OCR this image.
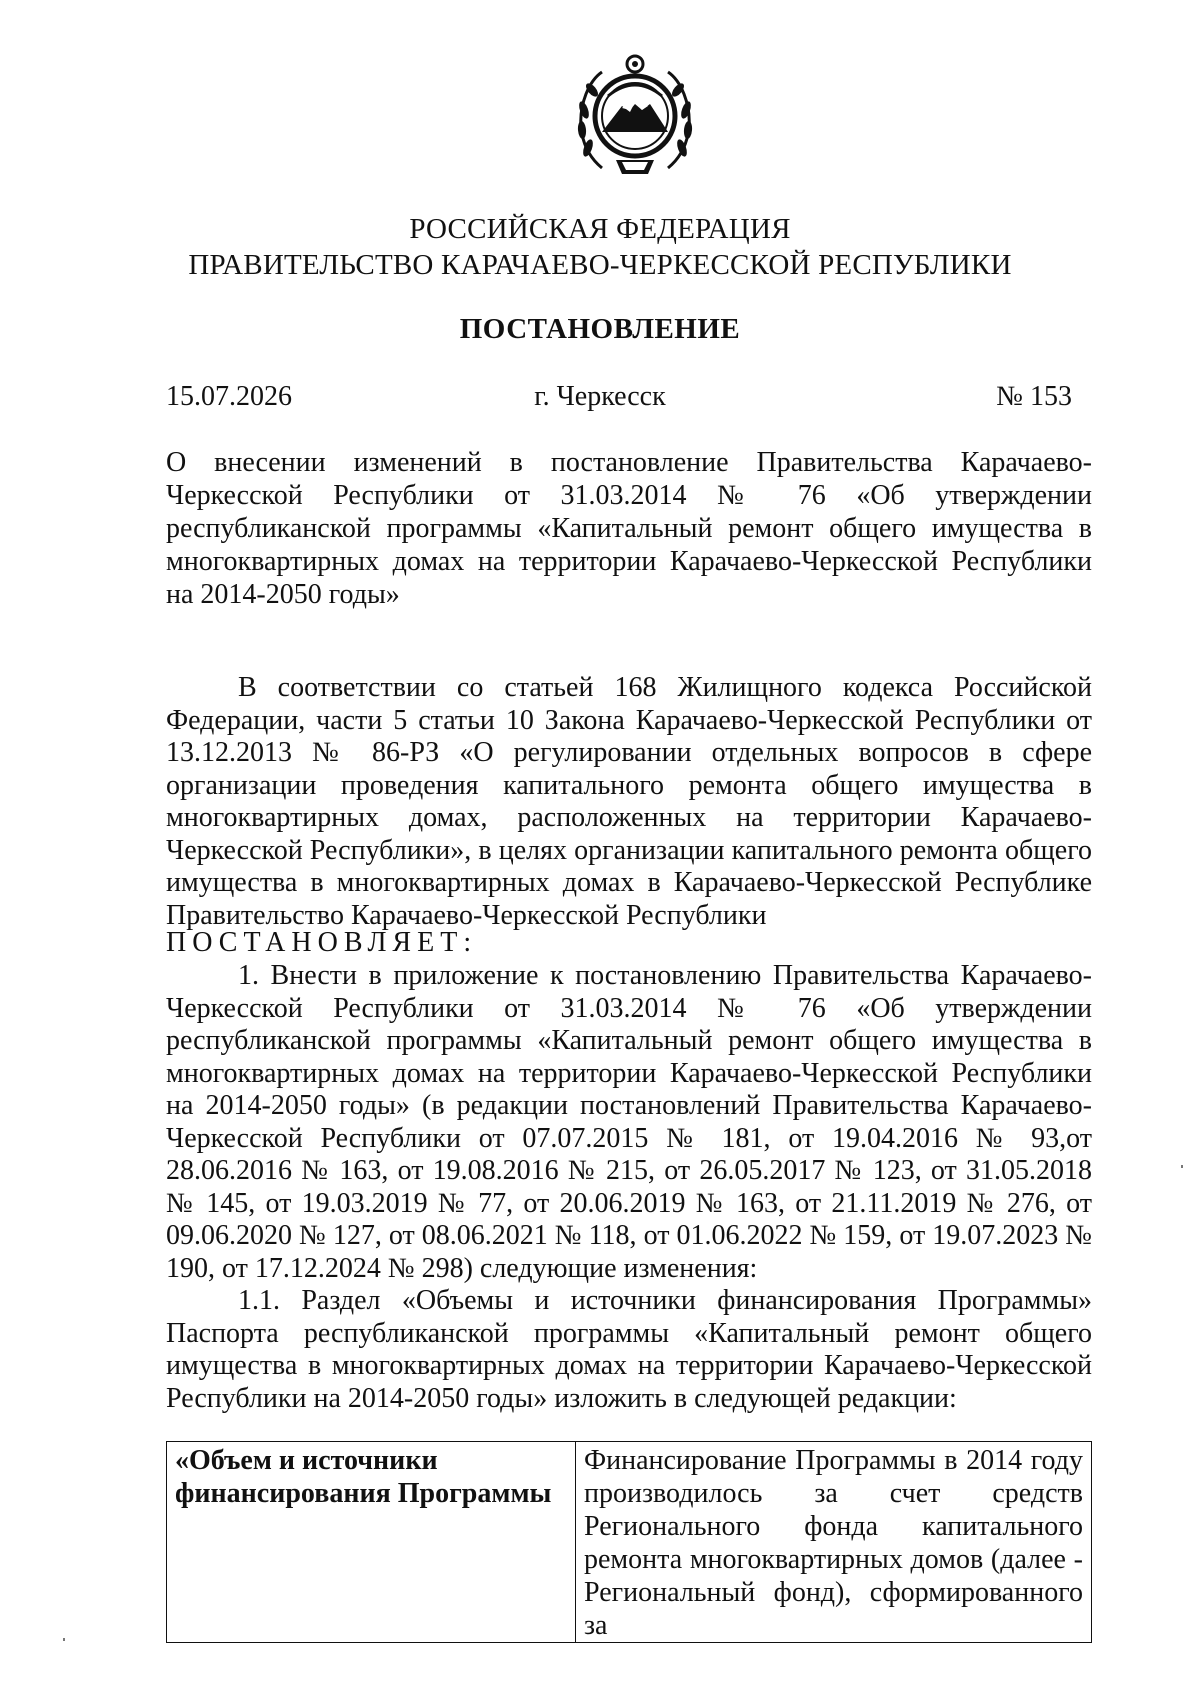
РОССИЙСКАЯ ФЕДЕРАЦИЯ
ПРАВИТЕЛЬСТВО КАРАЧАЕВО-ЧЕРКЕССКОЙ РЕСПУБЛИКИ
ПОСТАНОВЛЕНИЕ
г. Черкесск
15.07.2026	№ 153
О внесении изменений в постановление Правительства Карачаево-Черкесской Республики от 31.03.2014 № 76 «Об утверждении республиканской программы «Капитальный ремонт общего имущества в многоквартирных домах на территории Карачаево-Черкесской Республики на 2014-2050 годы»
В соответствии со статьей 168 Жилищного кодекса Российской Федерации, части 5 статьи 10 Закона Карачаево-Черкесской Республики от 13.12.2013 № 86-РЗ «О регулировании отдельных вопросов в сфере организации проведения капитального ремонта общего имущества в многоквартирных домах, расположенных на территории Карачаево-Черкесской Республики», в целях организации капитального ремонта общего имущества в многоквартирных домах в Карачаево-Черкесской Республике Правительство Карачаево-Черкесской Республики
ПОСТАНОВЛЯЕТ:
1. Внести в приложение к постановлению Правительства Карачаево-Черкесской Республики от 31.03.2014 № 76 «Об утверждении республиканской программы «Капитальный ремонт общего имущества в многоквартирных домах на территории Карачаево-Черкесской Республики на 2014-2050 годы» (в редакции постановлений Правительства Карачаево-Черкесской Республики от 07.07.2015 № 181, от 19.04.2016 № 93,от 28.06.2016 № 163, от 19.08.2016 № 215, от 26.05.2017 № 123, от 31.05.2018 № 145, от 19.03.2019 № 77, от 20.06.2019 № 163, от 21.11.2019 № 276, от 09.06.2020 № 127, от 08.06.2021 № 118, от 01.06.2022 № 159, от 19.07.2023 № 190, от 17.12.2024 № 298) следующие изменения:
1.1. Раздел «Объемы и источники финансирования Программы» Паспорта республиканской программы «Капитальный ремонт общего имущества в многоквартирных домах на территории Карачаево-Черкесской Республики на 2014-2050 годы» изложить в следующей редакции:
«Объем и источники финансирования Программы	Финансирование Программы в 2014 году производилось за счет средств Регионального фонда капитального ремонта многоквартирных домов (далее - Региональный фонд), сформированного за
